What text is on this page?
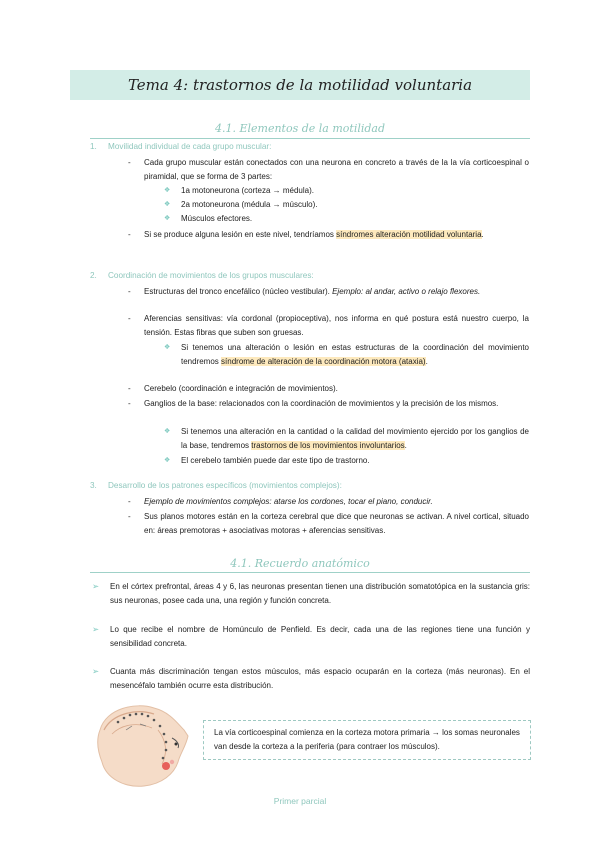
Tema 4: trastornos de la motilidad voluntaria
4.1. Elementos de la motilidad
1. Movilidad individual de cada grupo muscular:
- Cada grupo muscular están conectados con una neurona en concreto a través de la la vía corticoespinal o piramidal, que se forma de 3 partes:
❖ 1a motoneurona (corteza → médula).
❖ 2a motoneurona (médula → músculo).
❖ Músculos efectores.
- Si se produce alguna lesión en este nivel, tendríamos síndromes alteración motilidad voluntaria.
2. Coordinación de movimientos de los grupos musculares:
- Estructuras del tronco encefálico (núcleo vestibular). Ejemplo: al andar, activo o relajo flexores.
- Aferencias sensitivas: vía cordonal (propioceptiva), nos informa en qué postura está nuestro cuerpo, la tensión. Estas fibras que suben son gruesas.
❖ Si tenemos una alteración o lesión en estas estructuras de la coordinación del movimiento tendremos síndrome de alteración de la coordinación motora (ataxia).
- Cerebelo (coordinación e integración de movimientos).
- Ganglios de la base: relacionados con la coordinación de movimientos y la precisión de los mismos.
❖ Si tenemos una alteración en la cantidad o la calidad del movimiento ejercido por los ganglios de la base, tendremos trastornos de los movimientos involuntarios.
❖ El cerebelo también puede dar este tipo de trastorno.
3. Desarrollo de los patrones específicos (movimientos complejos):
- Ejemplo de movimientos complejos: atarse los cordones, tocar el piano, conducir.
- Sus planos motores están en la corteza cerebral que dice que neuronas se activan. A nivel cortical, situado en: áreas premotoras + asociativas motoras + aferencias sensitivas.
4.1. Recuerdo anatómico
➢ En el córtex prefrontal, áreas 4 y 6, las neuronas presentan tienen una distribución somatotópica en la sustancia gris: sus neuronas, posee cada una, una región y función concreta.
➢ Lo que recibe el nombre de Homúnculo de Penfield. Es decir, cada una de las regiones tiene una función y sensibilidad concreta.
➢ Cuanta más discriminación tengan estos músculos, más espacio ocuparán en la corteza (más neuronas). En el mesencéfalo también ocurre esta distribución.
La vía corticoespinal comienza en la corteza motora primaria → los somas neuronales van desde la corteza a la periferia (para contraer los músculos).
Primer parcial
